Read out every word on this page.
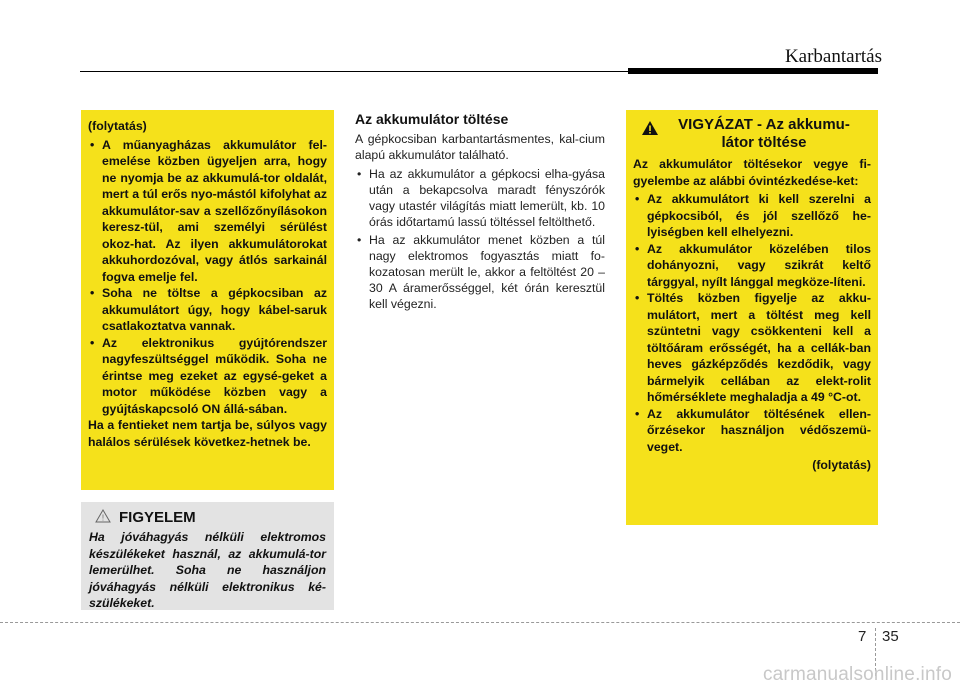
Karbantartás
(folytatás)
• A műanyagházas akkumulátor fel-emelése közben ügyeljen arra, hogy ne nyomja be az akkumulá-tor oldalát, mert a túl erős nyo-mástól kifolyhat az akkumulátor-sav a szellőzőnyílásokon keresz-tül, ami személyi sérülést okoz-hat. Az ilyen akkumulátorokat akkuhordozóval, vagy átlós sarkainál fogva emelje fel.
• Soha ne töltse a gépkocsiban az akkumulátort úgy, hogy kábel-saruk csatlakoztatva vannak.
• Az elektronikus gyújtórendszer nagyfeszültséggel működik. Soha ne érintse meg ezeket az egysé-geket a motor működése közben vagy a gyújtáskapcsoló ON állá-sában.
Ha a fentieket nem tartja be, súlyos vagy halálos sérülések következ-hetnek be.
! FIGYELEM
Ha jóváhagyás nélküli elektromos készülékeket használ, az akkumulá-tor lemerülhet. Soha ne használjon jóváhagyás nélküli elektronikus ké-szülékeket.
Az akkumulátor töltése
A gépkocsiban karbantartásmentes, kal-cium alapú akkumulátor található.
• Ha az akkumulátor a gépkocsi elha-gyása után a bekapcsolva maradt fényszórók vagy utastér világítás miatt lemerült, kb. 10 órás időtartamú lassú töltéssel feltölthető.
• Ha az akkumulátor menet közben a túl nagy elektromos fogyasztás miatt fo-kozatosan merült le, akkor a feltöltést 20 – 30 A áramerősséggel, két órán keresztül kell végezni.
VIGYÁZAT - Az akkumu-
látor töltése
Az akkumulátor töltésekor vegye fi-gyelembe az alábbi óvintézkedése-ket:
• Az akkumulátort ki kell szerelni a gépkocsiból, és jól szellőző he-lyiségben kell elhelyezni.
• Az akkumulátor közelében tilos dohányozni, vagy szikrát keltő tárggyal, nyílt lánggal megköze-líteni.
• Töltés közben figyelje az akku-mulátort, mert a töltést meg kell szüntetni vagy csökkenteni kell a töltőáram erősségét, ha a cellák-ban heves gázképződés kezdődik, vagy bármelyik cellában az elekt-rolit hőmérséklete meghaladja a 49 °C-ot.
• Az akkumulátor töltésének ellen-őrzésekor használjon védőszemü-veget.
(folytatás)
7 35
carmanualsonline.info
